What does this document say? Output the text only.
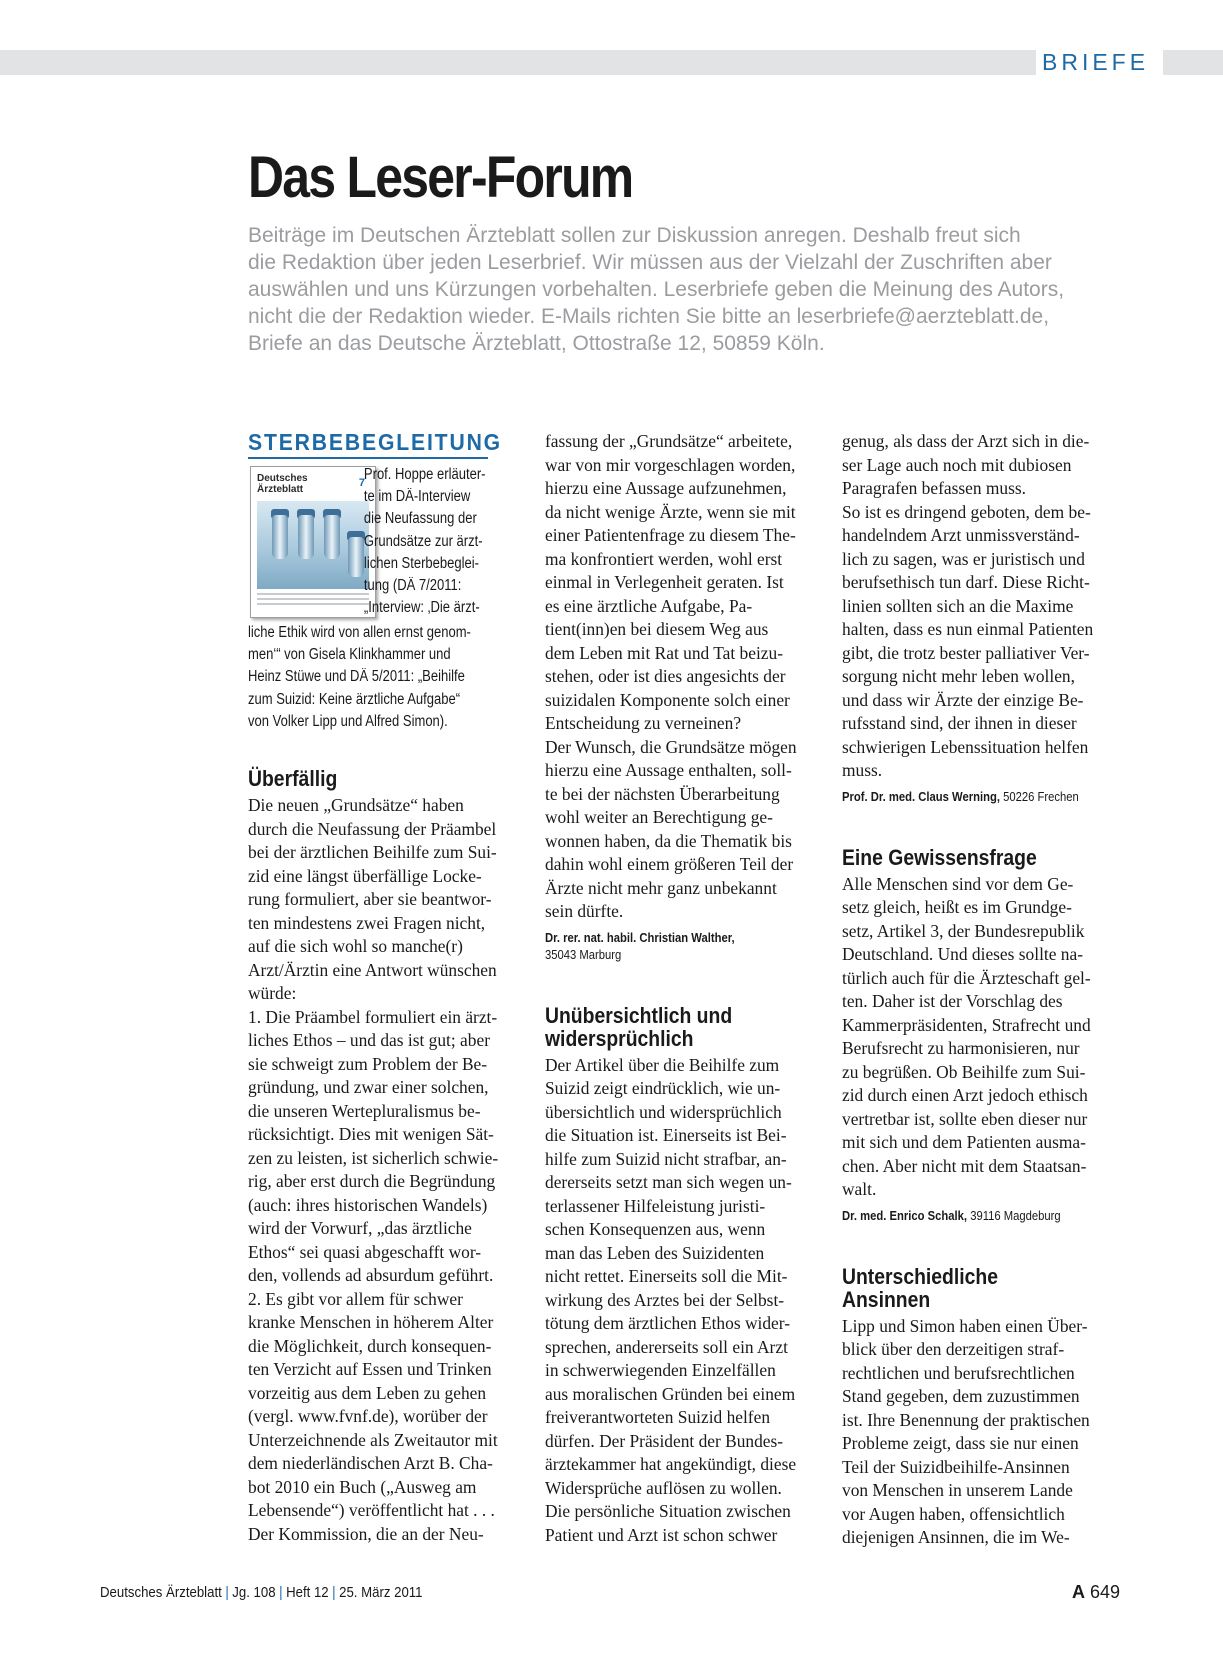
BRIEFE
Das Leser-Forum
Beiträge im Deutschen Ärzteblatt sollen zur Diskussion anregen. Deshalb freut sich
die Redaktion über jeden Leserbrief. Wir müssen aus der Vielzahl der Zuschriften aber
auswählen und uns Kürzungen vorbehalten. Leserbriefe geben die Meinung des Autors,
nicht die der Redaktion wieder. E-Mails richten Sie bitte an leserbriefe@aerzteblatt.de,
Briefe an das Deutsche Ärzteblatt, Ottostraße 12, 50859 Köln.
STERBEBEGLEITUNG
Deutsches
Ärzteblatt
7
Prof. Hoppe erläuter-
te im DÄ-Interview
die Neufassung der
Grundsätze zur ärzt-
lichen Sterbebeglei-
tung (DÄ 7/2011:
„Interview: ‚Die ärzt-
liche Ethik wird von allen ernst genom-
men‘“ von Gisela Klinkhammer und
Heinz Stüwe und DÄ 5/2011: „Beihilfe
zum Suizid: Keine ärztliche Aufgabe“
von Volker Lipp und Alfred Simon).
Überfällig
Die neuen „Grundsätze“ haben
durch die Neufassung der Präambel
bei der ärztlichen Beihilfe zum Sui-
zid eine längst überfällige Locke-
rung formuliert, aber sie beantwor-
ten mindestens zwei Fragen nicht,
auf die sich wohl so manche(r)
Arzt/Ärztin eine Antwort wünschen
würde:
1. Die Präambel formuliert ein ärzt-
liches Ethos – und das ist gut; aber
sie schweigt zum Problem der Be-
gründung, und zwar einer solchen,
die unseren Wertepluralismus be-
rücksichtigt. Dies mit wenigen Sät-
zen zu leisten, ist sicherlich schwie-
rig, aber erst durch die Begründung
(auch: ihres historischen Wandels)
wird der Vorwurf, „das ärztliche
Ethos“ sei quasi abgeschafft wor-
den, vollends ad absurdum geführt.
2. Es gibt vor allem für schwer
kranke Menschen in höherem Alter
die Möglichkeit, durch konsequen-
ten Verzicht auf Essen und Trinken
vorzeitig aus dem Leben zu gehen
(vergl. www.fvnf.de), worüber der
Unterzeichnende als Zweitautor mit
dem niederländischen Arzt B. Cha-
bot 2010 ein Buch („Ausweg am
Lebensende“) veröffentlicht hat . . .
Der Kommission, die an der Neu-
fassung der „Grundsätze“ arbeitete,
war von mir vorgeschlagen worden,
hierzu eine Aussage aufzunehmen,
da nicht wenige Ärzte, wenn sie mit
einer Patientenfrage zu diesem The-
ma konfrontiert werden, wohl erst
einmal in Verlegenheit geraten. Ist
es eine ärztliche Aufgabe, Pa-
tient(inn)en bei diesem Weg aus
dem Leben mit Rat und Tat beizu-
stehen, oder ist dies angesichts der
suizidalen Komponente solch einer
Entscheidung zu verneinen?
Der Wunsch, die Grundsätze mögen
hierzu eine Aussage enthalten, soll-
te bei der nächsten Überarbeitung
wohl weiter an Berechtigung ge-
wonnen haben, da die Thematik bis
dahin wohl einem größeren Teil der
Ärzte nicht mehr ganz unbekannt
sein dürfte.
Dr. rer. nat. habil. Christian Walther,
35043 Marburg
Unübersichtlich und
widersprüchlich
Der Artikel über die Beihilfe zum
Suizid zeigt eindrücklich, wie un-
übersichtlich und widersprüchlich
die Situation ist. Einerseits ist Bei-
hilfe zum Suizid nicht strafbar, an-
dererseits setzt man sich wegen un-
terlassener Hilfeleistung juristi-
schen Konsequenzen aus, wenn
man das Leben des Suizidenten
nicht rettet. Einerseits soll die Mit-
wirkung des Arztes bei der Selbst-
tötung dem ärztlichen Ethos wider-
sprechen, andererseits soll ein Arzt
in schwerwiegenden Einzelfällen
aus moralischen Gründen bei einem
freiverantworteten Suizid helfen
dürfen. Der Präsident der Bundes-
ärztekammer hat angekündigt, diese
Widersprüche auflösen zu wollen.
Die persönliche Situation zwischen
Patient und Arzt ist schon schwer
genug, als dass der Arzt sich in die-
ser Lage auch noch mit dubiosen
Paragrafen befassen muss.
So ist es dringend geboten, dem be-
handelndem Arzt unmissverständ-
lich zu sagen, was er juristisch und
berufsethisch tun darf. Diese Richt-
linien sollten sich an die Maxime
halten, dass es nun einmal Patienten
gibt, die trotz bester palliativer Ver-
sorgung nicht mehr leben wollen,
und dass wir Ärzte der einzige Be-
rufsstand sind, der ihnen in dieser
schwierigen Lebenssituation helfen
muss.
Prof. Dr. med. Claus Werning, 50226 Frechen
Eine Gewissensfrage
Alle Menschen sind vor dem Ge-
setz gleich, heißt es im Grundge-
setz, Artikel 3, der Bundesrepublik
Deutschland. Und dieses sollte na-
türlich auch für die Ärzteschaft gel-
ten. Daher ist der Vorschlag des
Kammerpräsidenten, Strafrecht und
Berufsrecht zu harmonisieren, nur
zu begrüßen. Ob Beihilfe zum Sui-
zid durch einen Arzt jedoch ethisch
vertretbar ist, sollte eben dieser nur
mit sich und dem Patienten ausma-
chen. Aber nicht mit dem Staatsan-
walt.
Dr. med. Enrico Schalk, 39116 Magdeburg
Unterschiedliche
Ansinnen
Lipp und Simon haben einen Über-
blick über den derzeitigen straf-
rechtlichen und berufsrechtlichen
Stand gegeben, dem zuzustimmen
ist. Ihre Benennung der praktischen
Probleme zeigt, dass sie nur einen
Teil der Suizidbeihilfe-Ansinnen
von Menschen in unserem Lande
vor Augen haben, offensichtlich
diejenigen Ansinnen, die im We-
Deutsches Ärzteblatt | Jg. 108 | Heft 12 | 25. März 2011	A 649
